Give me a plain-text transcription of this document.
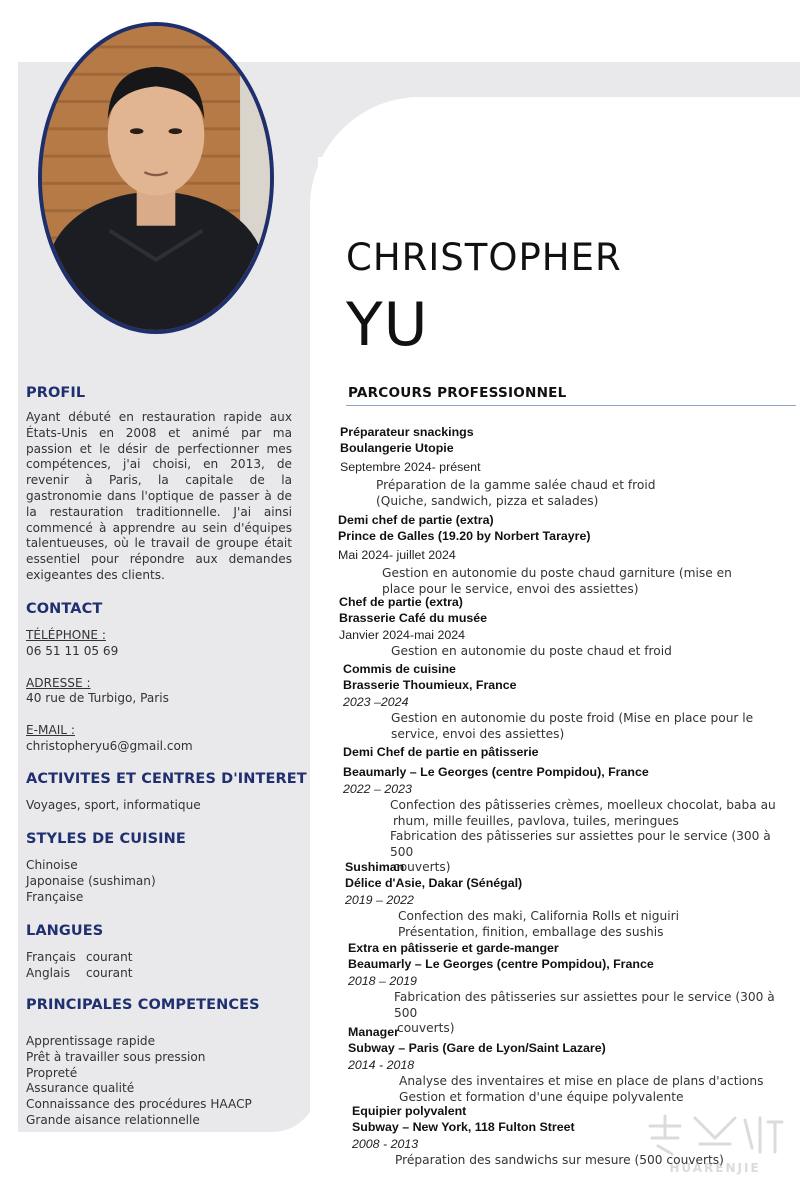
PROFIL
Ayant débuté en restauration rapide aux États-Unis en 2008 et animé par ma passion et le désir de perfectionner mes compétences, j'ai choisi, en 2013, de revenir à Paris, la capitale de la gastronomie dans l'optique de passer à de la restauration traditionnelle. J'ai ainsi commencé à apprendre au sein d'équipes talentueuses, où le travail de groupe était essentiel pour répondre aux demandes exigeantes des clients.
CONTACT
TÉLÉPHONE :
06 51 11 05 69
ADRESSE :
40 rue de Turbigo, Paris
E-MAIL :
christopheryu6@gmail.com
ACTIVITES ET CENTRES D'INTERET
Voyages, sport, informatique
STYLES DE CUISINE
Chinoise
Japonaise (sushiman)
Française
LANGUES
Français courant
Anglais courant
PRINCIPALES COMPETENCES
Apprentissage rapide
Prêt à travailler sous pression
Propreté
Assurance qualité
Connaissance des procédures HAACP
Grande aisance relationnelle
CHRISTOPHER
YU
PARCOURS PROFESSIONNEL
Préparateur snackings
Boulangerie Utopie
Septembre 2024- présent

Préparation de la gamme salée chaud et froid

(Quiche, sandwich, pizza et salades)

Demi chef de partie (extra)
Prince de Galles (19.20 by Norbert Tarayre)
Mai 2024- juillet 2024

Gestion en autonomie du poste chaud garniture (mise en

place pour le service, envoi des assiettes)

Chef de partie (extra)
Brasserie Café du musée
Janvier 2024-mai 2024

Gestion en autonomie du poste chaud et froid

Commis de cuisine
Brasserie Thoumieux, France
2023 –2024

Gestion en autonomie du poste froid (Mise en place pour le

service, envoi des assiettes)

Demi Chef de partie en pâtisserie
Beaumarly – Le Georges (centre Pompidou), France
2022 – 2023

Confection des pâtisseries crèmes, moelleux chocolat, baba au

rhum, mille feuilles, pavlova, tuiles, meringues

Fabrication des pâtisseries sur assiettes pour le service (300 à 500

couverts)

Sushiman
Délice d'Asie, Dakar (Sénégal)
2019 – 2022

Confection des maki, California Rolls et niguiri

Présentation, finition, emballage des sushis

Extra en pâtisserie et garde-manger
Beaumarly – Le Georges (centre Pompidou), France
2018 – 2019

Fabrication des pâtisseries sur assiettes pour le service (300 à 500

couverts)

Manager
Subway – Paris (Gare de Lyon/Saint Lazare)
2014 - 2018

Analyse des inventaires et mise en place de plans d'actions

Gestion et formation d'une équipe polyvalente

Equipier polyvalent
Subway – New York, 118 Fulton Street
2008 - 2013

Préparation des sandwichs sur mesure (500 couverts)

HUARENJIE
